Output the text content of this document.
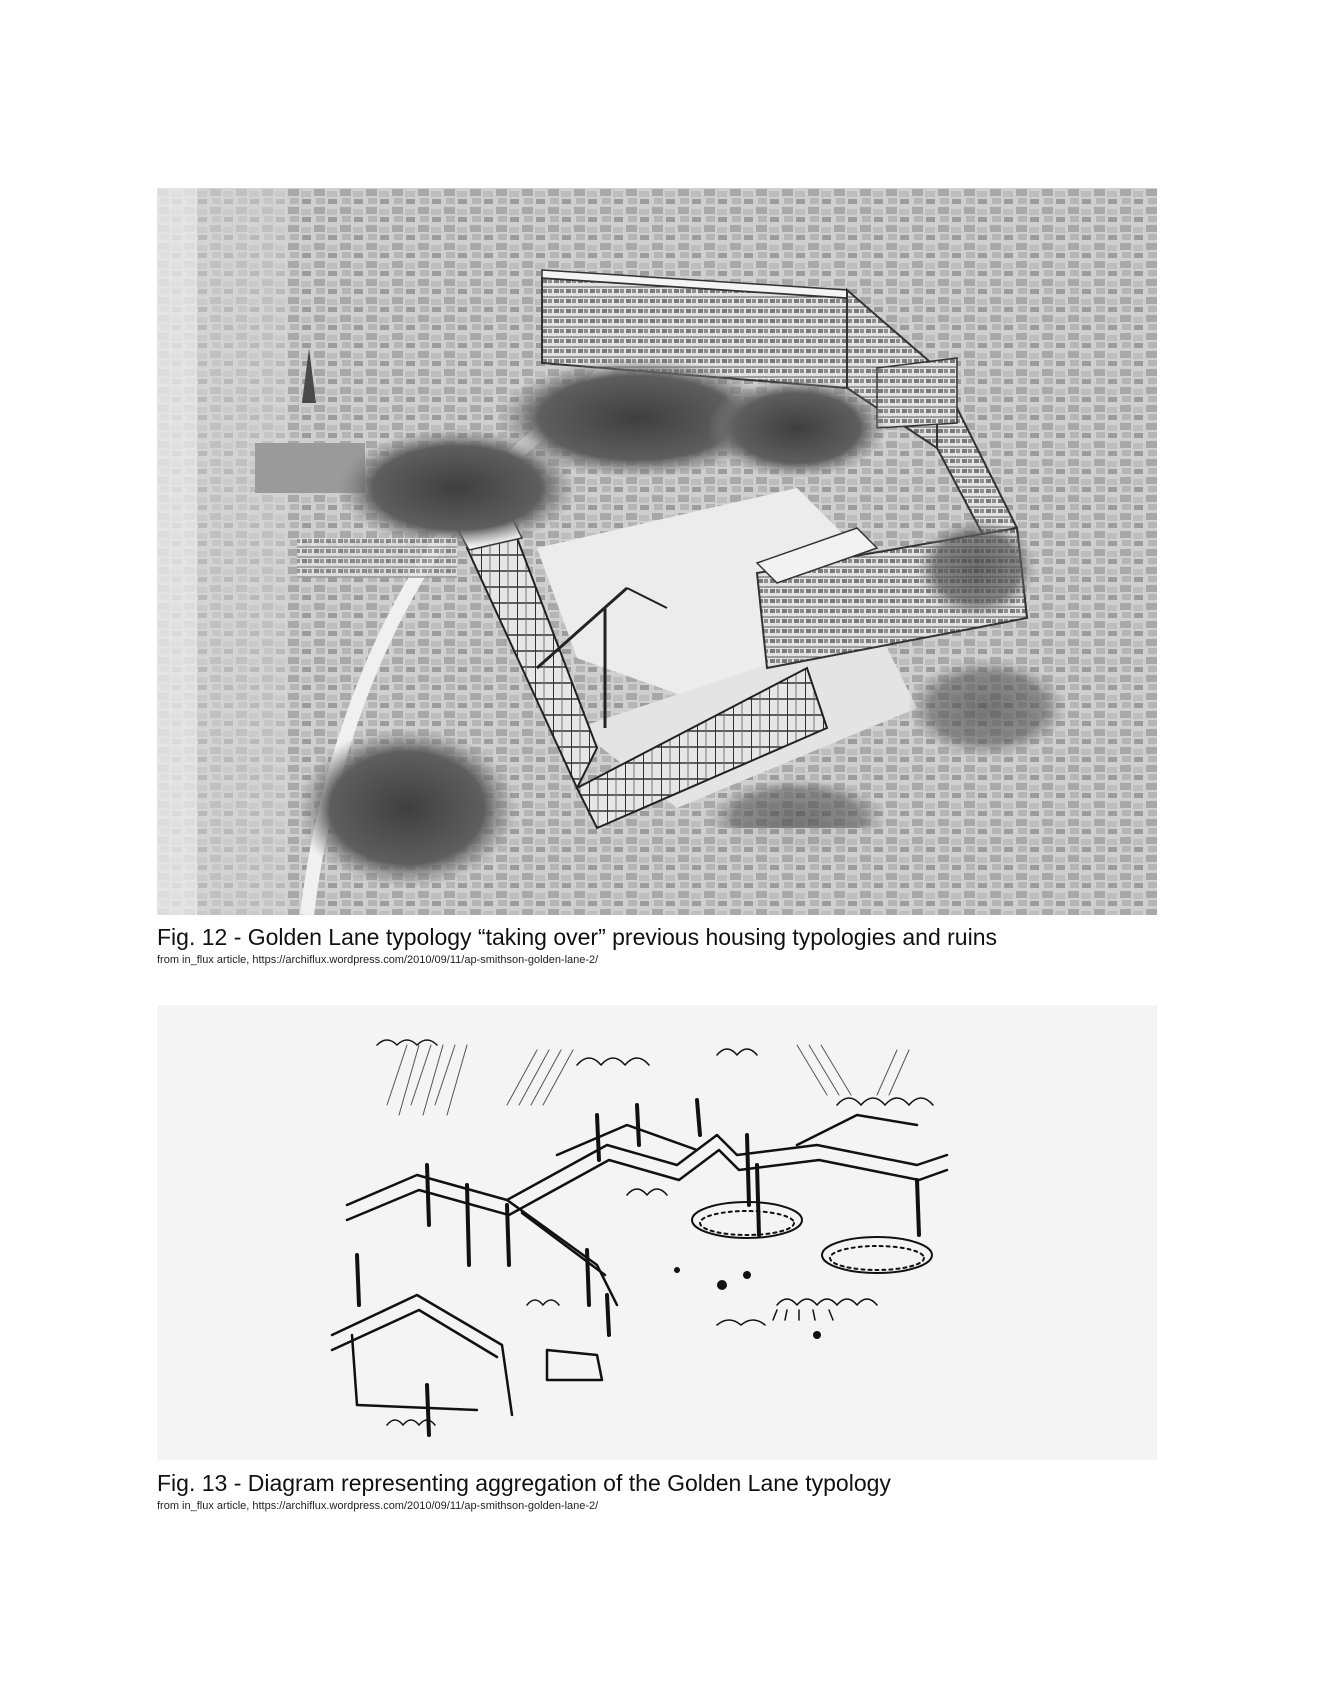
Fig. 12 - Golden Lane typology “taking over” previous housing typologies and ruins
from in_flux article, https://archiflux.wordpress.com/2010/09/11/ap-smithson-golden-lane-2/
Fig. 13 - Diagram representing aggregation of the Golden Lane typology
from in_flux article, https://archiflux.wordpress.com/2010/09/11/ap-smithson-golden-lane-2/
